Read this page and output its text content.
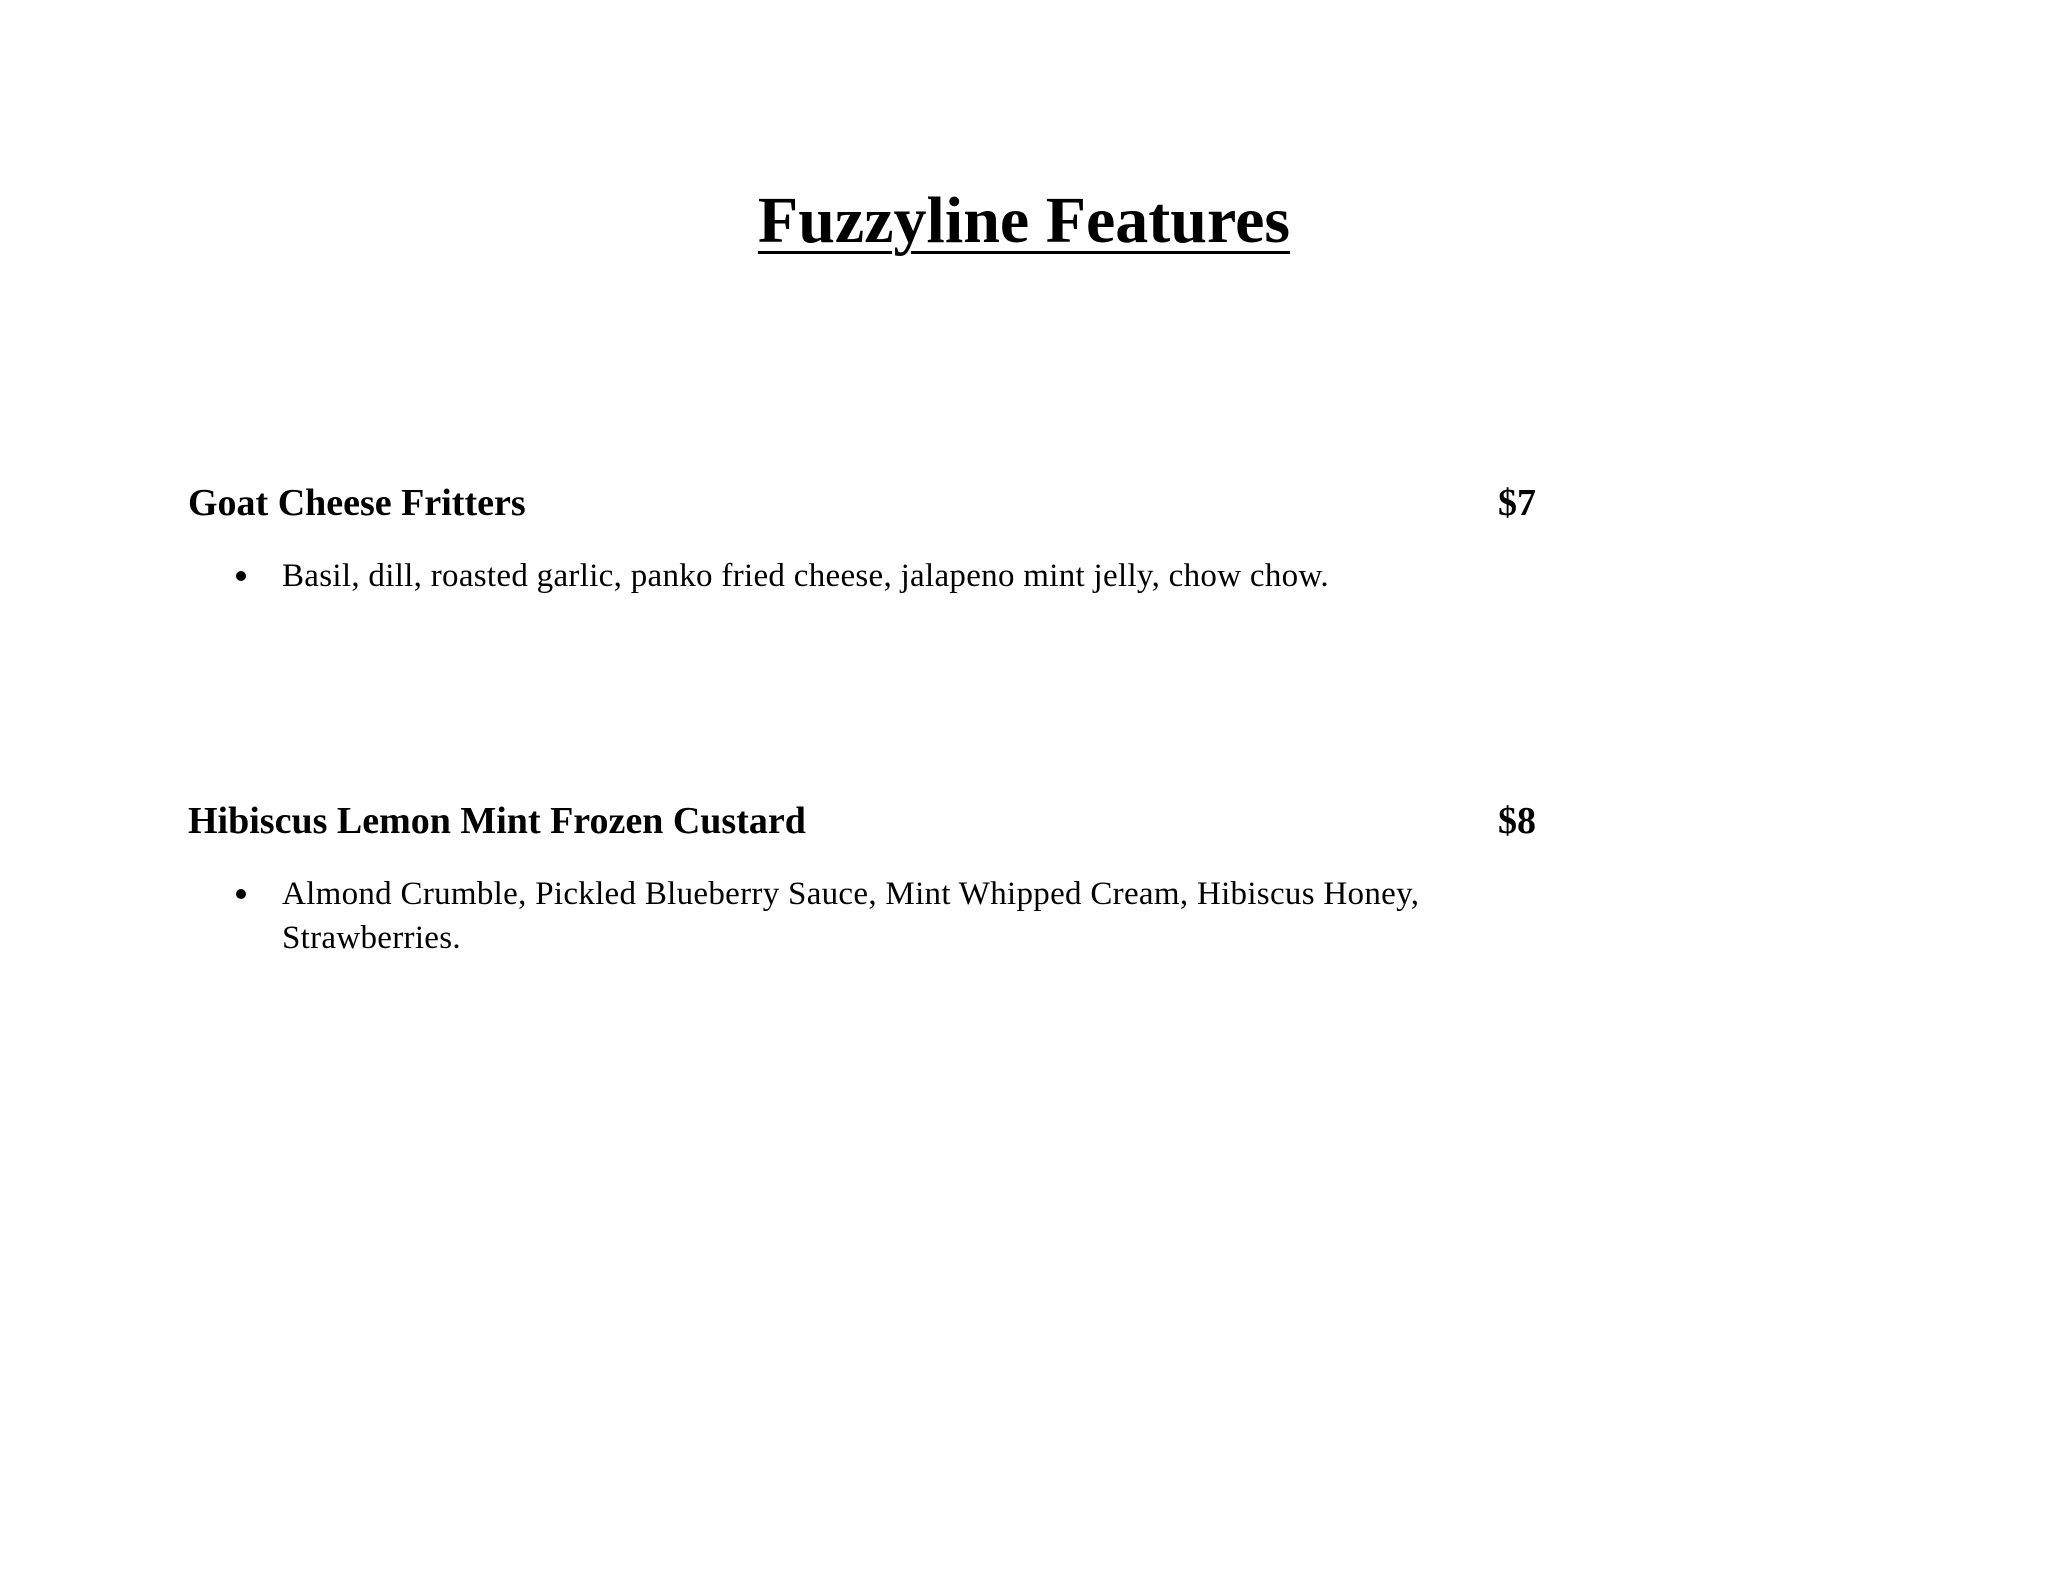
Fuzzyline Features
Goat Cheese Fritters	$7
Basil, dill, roasted garlic, panko fried cheese, jalapeno mint jelly, chow chow.
Hibiscus Lemon Mint Frozen Custard	$8
Almond Crumble, Pickled Blueberry Sauce, Mint Whipped Cream, Hibiscus Honey, Strawberries.
